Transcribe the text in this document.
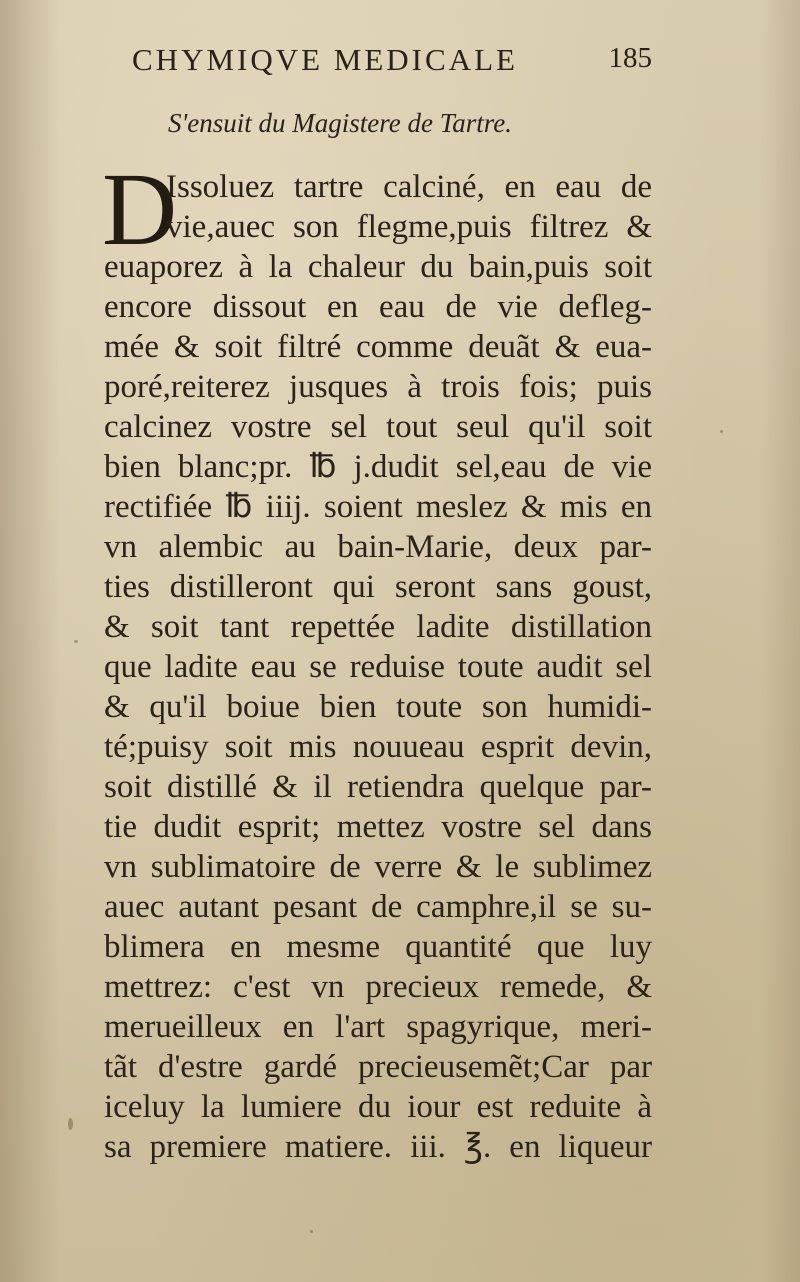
CHYMIQVE MEDICALE	185
S'ensuit du Magistere de Tartre.
D
Issoluez tartre calciné, en eau de
vie,auec son flegme,puis filtrez &
euaporez à la chaleur du bain,puis soit
encore dissout en eau de vie defleg-
mée & soit filtré comme deuãt & eua-
poré,reiterez jusques à trois fois; puis
calcinez vostre sel tout seul qu'il soit
bien blanc;pr. ℔ j.dudit sel,eau de vie
rectifiée ℔ iiij. soient meslez & mis en
vn alembic au bain-Marie, deux par-
ties distilleront qui seront sans goust,
& soit tant repettée ladite distillation
que ladite eau se reduise toute audit sel
& qu'il boiue bien toute son humidi-
té;puisy soit mis nouueau esprit devin,
soit distillé & il retiendra quelque par-
tie dudit esprit; mettez vostre sel dans
vn sublimatoire de verre & le sublimez
auec autant pesant de camphre,il se su-
blimera en mesme quantité que luy
mettrez: c'est vn precieux remede, &
merueilleux en l'art spagyrique, meri-
tãt d'estre gardé precieusemẽt;Car par
iceluy la lumiere du iour est reduite à
sa premiere matiere. iii. ℥. en liqueur
